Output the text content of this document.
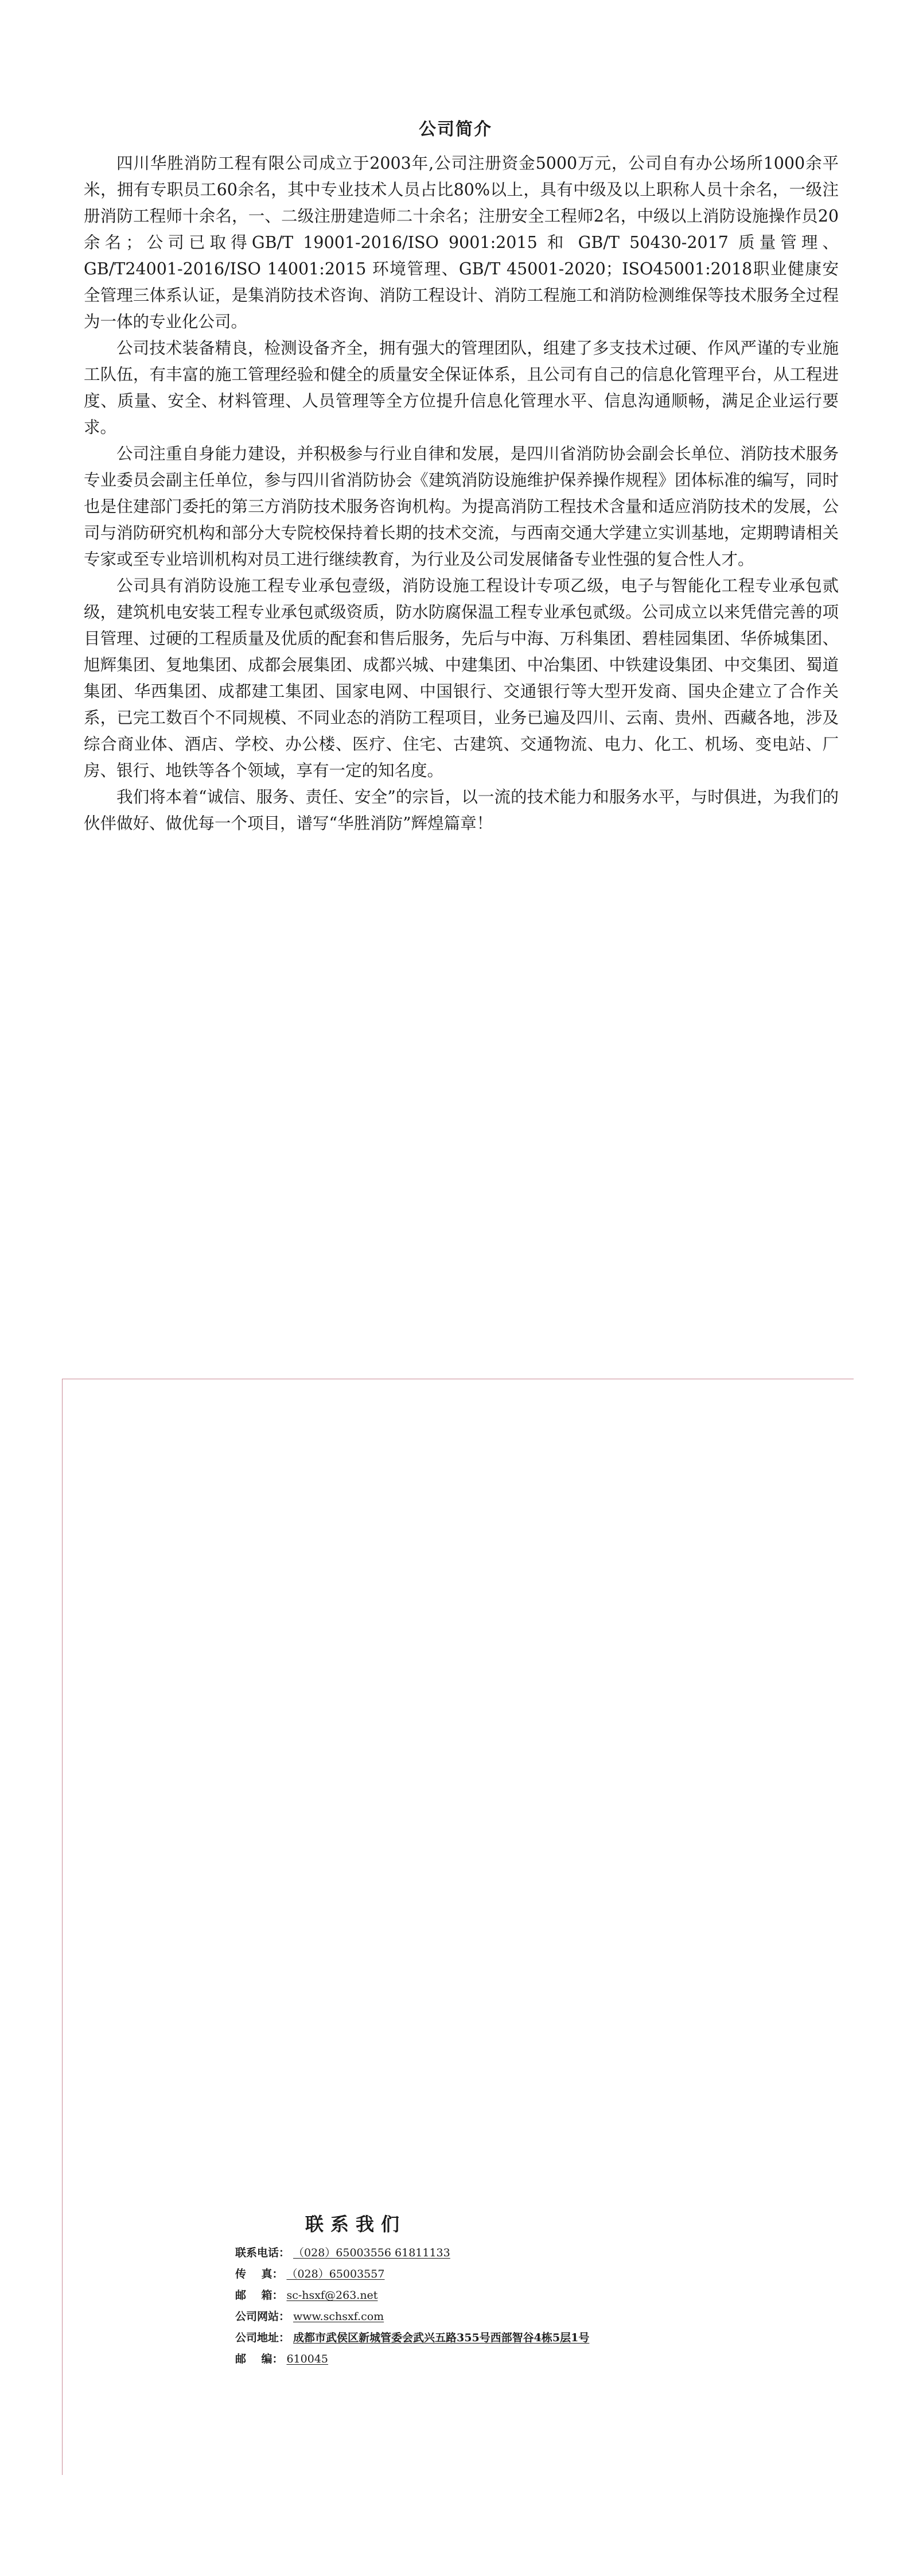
公司简介

四川华胜消防工程有限公司成立于2003年,公司注册资金5000万元，公司自有办公场所1000余平米，拥有专职员工60余名，其中专业技术人员占比80%以上，具有中级及以上职称人员十余名，一级注册消防工程师十余名，一、二级注册建造师二十余名；注册安全工程师2名，中级以上消防设施操作员20余名；公司已取得GB/T 19001-2016/ISO 9001:2015 和 GB/T 50430-2017 质量管理、GB/T24001-2016/ISO 14001:2015 环境管理、GB/T 45001-2020；ISO45001:2018职业健康安全管理三体系认证，是集消防技术咨询、消防工程设计、消防工程施工和消防检测维保等技术服务全过程为一体的专业化公司。

公司技术装备精良，检测设备齐全，拥有强大的管理团队，组建了多支技术过硬、作风严谨的专业施工队伍，有丰富的施工管理经验和健全的质量安全保证体系，且公司有自己的信息化管理平台，从工程进度、质量、安全、材料管理、人员管理等全方位提升信息化管理水平、信息沟通顺畅，满足企业运行要求。

公司注重自身能力建设，并积极参与行业自律和发展，是四川省消防协会副会长单位、消防技术服务专业委员会副主任单位，参与四川省消防协会《建筑消防设施维护保养操作规程》团体标准的编写，同时也是住建部门委托的第三方消防技术服务咨询机构。为提高消防工程技术含量和适应消防技术的发展，公司与消防研究机构和部分大专院校保持着长期的技术交流，与西南交通大学建立实训基地，定期聘请相关专家或至专业培训机构对员工进行继续教育，为行业及公司发展储备专业性强的复合性人才。

公司具有消防设施工程专业承包壹级，消防设施工程设计专项乙级，电子与智能化工程专业承包贰级，建筑机电安装工程专业承包贰级资质，防水防腐保温工程专业承包贰级。公司成立以来凭借完善的项目管理、过硬的工程质量及优质的配套和售后服务，先后与中海、万科集团、碧桂园集团、华侨城集团、旭辉集团、复地集团、成都会展集团、成都兴城、中建集团、中冶集团、中铁建设集团、中交集团、蜀道集团、华西集团、成都建工集团、国家电网、中国银行、交通银行等大型开发商、国央企建立了合作关系，已完工数百个不同规模、不同业态的消防工程项目，业务已遍及四川、云南、贵州、西藏各地，涉及综合商业体、酒店、学校、办公楼、医疗、住宅、古建筑、交通物流、电力、化工、机场、变电站、厂房、银行、地铁等各个领域，享有一定的知名度。

我们将本着“诚信、服务、责任、安全”的宗旨，以一流的技术能力和服务水平，与时俱进，为我们的伙伴做好、做优每一个项目，谱写“华胜消防”辉煌篇章！

联系我们
联系电话： （028）65003556 61811133
传    真： （028）65003557
邮    箱： sc-hsxf@263.net
公司网站： www.schsxf.com
公司地址： 成都市武侯区新城管委会武兴五路355号西部智谷4栋5层1号
邮    编： 610045
